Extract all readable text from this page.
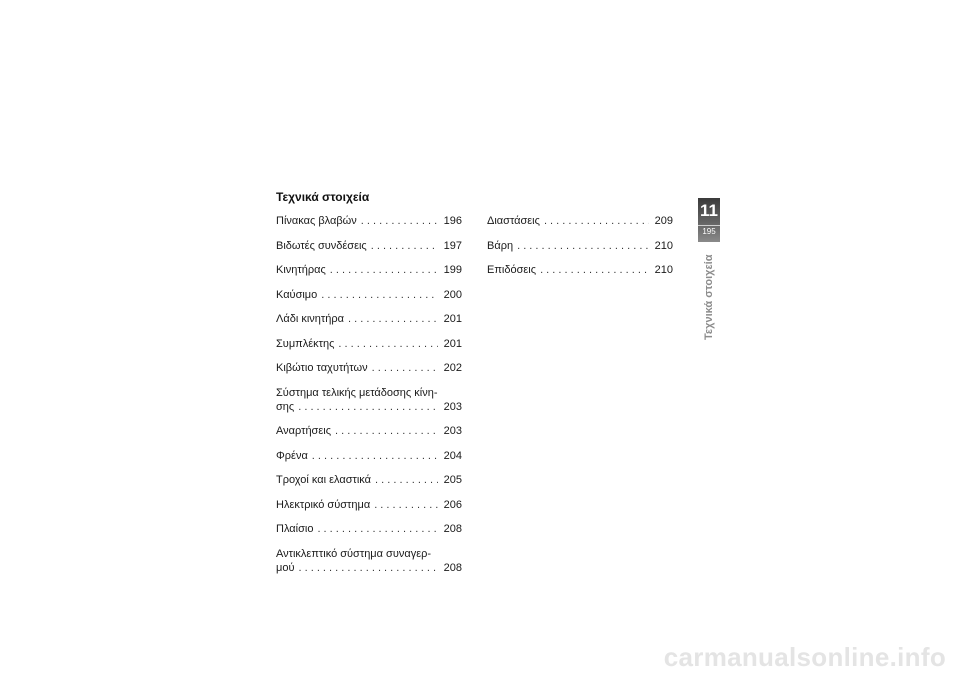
Τεχνικά στοιχεία
Πίνακας βλαβών . . .	196
Βιδωτές συνδέσεις . . .	197
Κινητήρας . . .	199
Καύσιμο . . .	200
Λάδι κινητήρα . . .	201
Συμπλέκτης . . .	201
Κιβώτιο ταχυτήτων . . .	202
Σύστημα τελικής μετάδοσης κίνη-
σης . . .	203
Αναρτήσεις . . .	203
Φρένα . . .	204
Τροχοί και ελαστικά . . .	205
Ηλεκτρικό σύστημα . . .	206
Πλαίσιο . . .	208
Αντικλεπτικό σύστημα συναγερ-
μού . . .	208
Διαστάσεις . . .	209
Βάρη . . .	210
Επιδόσεις . . .	210
11
195
Τεχνικά στοιχεία
carmanualsonline.info
